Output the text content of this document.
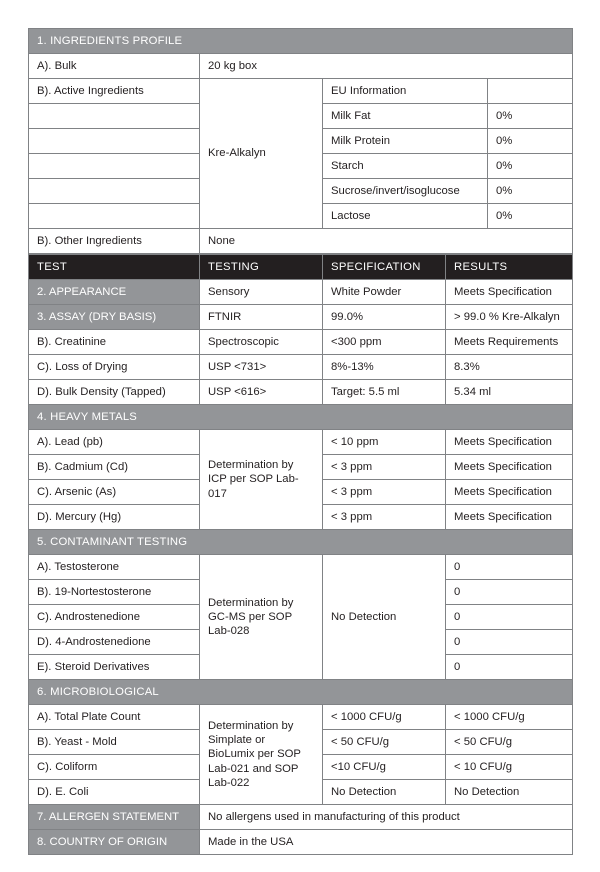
1. INGREDIENTS PROFILE			
A). Bulk	20 kg box		
B). Active Ingredients	Kre-Alkalyn	EU Information	
		Milk Fat	0%
		Milk Protein	0%
		Starch	0%
		Sucrose/invert/isoglucose	0%
		Lactose	0%
B). Other Ingredients	None		
TEST	TESTING	SPECIFICATION	RESULTS
2. APPEARANCE	Sensory	White Powder	Meets Specification
3. ASSAY (DRY BASIS)	FTNIR	99.0%	> 99.0 % Kre-Alkalyn
B). Creatinine	Spectroscopic	<300 ppm	Meets Requirements
C). Loss of Drying	USP <731>	8%-13%	8.3%
D). Bulk Density (Tapped)	USP <616>	Target: 5.5 ml	5.34 ml
4. HEAVY METALS			
A). Lead (pb)	Determination by ICP per SOP Lab-017	< 10 ppm	Meets Specification
B). Cadmium (Cd)		< 3 ppm	Meets Specification
C). Arsenic (As)		< 3 ppm	Meets Specification
D). Mercury (Hg)		< 3 ppm	Meets Specification
5. CONTAMINANT TESTING			
A). Testosterone	Determination by GC-MS per SOP Lab-028	No Detection	0
B). 19-Nortestosterone			0
C). Androstenedione			0
D). 4-Androstenedione			0
E). Steroid Derivatives			0
6. MICROBIOLOGICAL			
A). Total Plate Count	Determination by Simplate or BioLumix per SOP Lab-021 and SOP Lab-022	< 1000 CFU/g	< 1000 CFU/g
B). Yeast - Mold		< 50 CFU/g	< 50 CFU/g
C). Coliform		<10 CFU/g	< 10 CFU/g
D). E. Coli		No Detection	No Detection
7. ALLERGEN STATEMENT	No allergens used in manufacturing of this product		
8. COUNTRY OF ORIGIN	Made in the USA		
